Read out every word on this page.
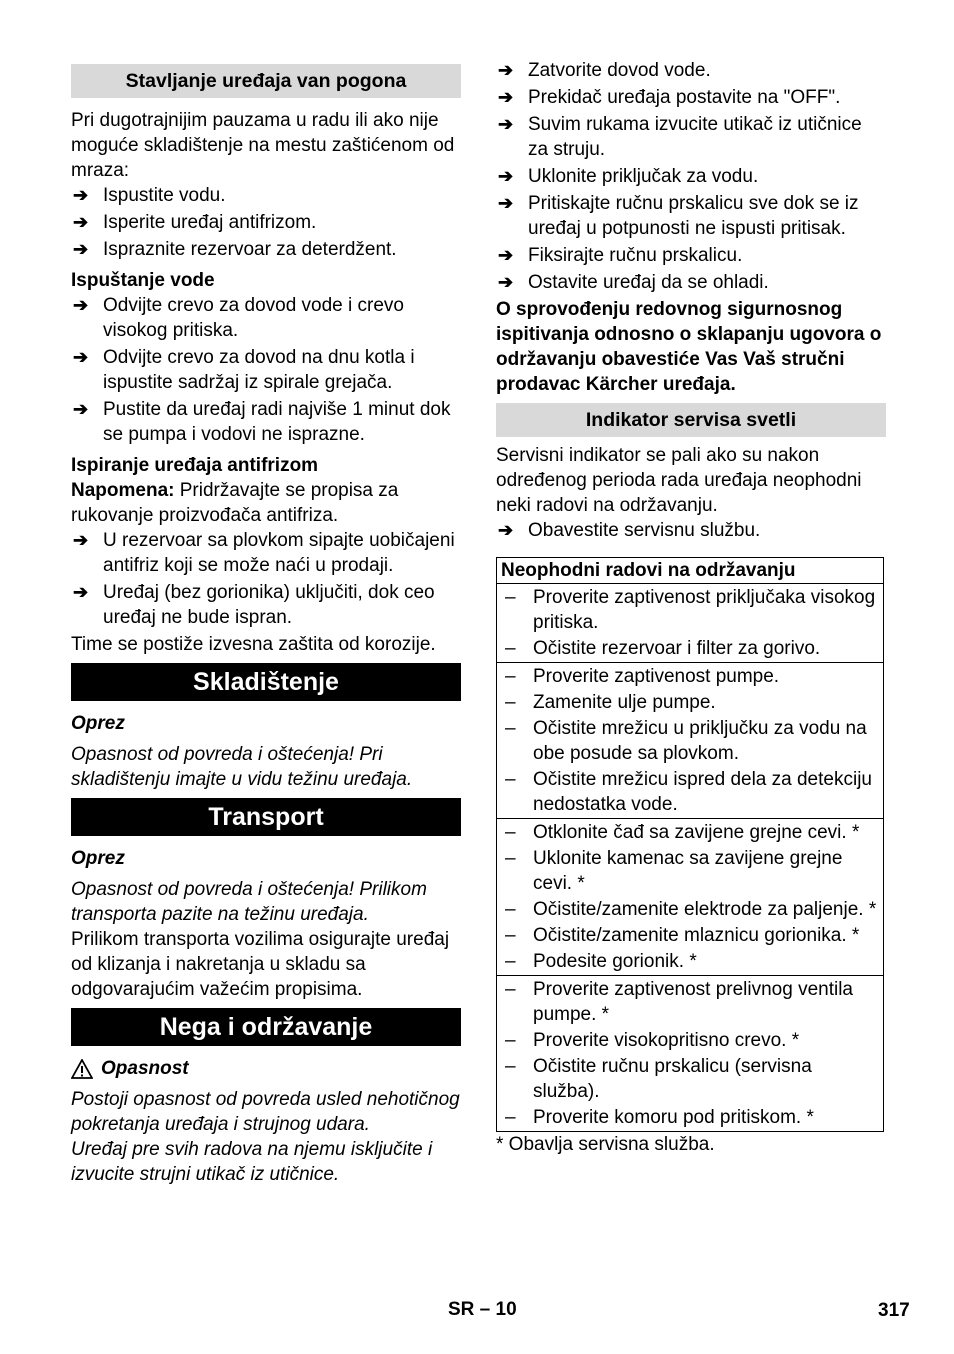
Stavljanje uređaja van pogona

Pri dugotrajnijim pauzama u radu ili ako nije moguće skladištenje na mestu zaštićenom od mraza:

➔ Ispustite vodu.
➔ Isperite uređaj antifrizom.
➔ Ispraznite rezervoar za deterdžent.

Ispuštanje vode

➔ Odvijte crevo za dovod vode i crevo visokog pritiska.
➔ Odvijte crevo za dovod na dnu kotla i ispustite sadržaj iz spirale grejača.
➔ Pustite da uređaj radi najviše 1 minut dok se pumpa i vodovi ne isprazne.

Ispiranje uređaja antifrizom

Napomena: Pridržavajte se propisa za rukovanje proizvođača antifriza.

➔ U rezervoar sa plovkom sipajte uobičajeni antifriz koji se može naći u prodaji.
➔ Uređaj (bez gorionika) uključiti, dok ceo uređaj ne bude ispran.

Time se postiže izvesna zaštita od korozije.

Skladištenje

Oprez

Opasnost od povreda i oštećenja! Pri skladištenju imajte u vidu težinu uređaja.

Transport

Oprez

Opasnost od povreda i oštećenja! Prilikom transporta pazite na težinu uređaja.

Prilikom transporta vozilima osigurajte uređaj od klizanja i nakretanja u skladu sa odgovarajućim važećim propisima.

Nega i održavanje
Opasnost

Postoji opasnost od povreda usled nehotičnog pokretanja uređaja i strujnog udara.

Uređaj pre svih radova na njemu isključite i izvucite strujni utikač iz utičnice.

➔ Zatvorite dovod vode.
➔ Prekidač uređaja postavite na "OFF".
➔ Suvim rukama izvucite utikač iz utičnice za struju.
➔ Uklonite priključak za vodu.
➔ Pritiskajte ručnu prskalicu sve dok se iz uređaj u potpunosti ne ispusti pritisak.
➔ Fiksirajte ručnu prskalicu.
➔ Ostavite uređaj da se ohladi.

O sprovođenju redovnog sigurnosnog ispitivanja odnosno o sklapanju ugovora o održavanju obavestiće Vas Vaš stručni prodavac Kärcher uređaja.

Indikator servisa svetli

Servisni indikator se pali ako su nakon određenog perioda rada uređaja neophodni neki radovi na održavanju.

➔ Obavestite servisnu službu.
Neophodni radovi na održavanju

– Proverite zaptivenost priključaka visokog pritiska.
– Očistite rezervoar i filter za gorivo.

– Proverite zaptivenost pumpe.
– Zamenite ulje pumpe.
– Očistite mrežicu u priključku za vodu na obe posude sa plovkom.
– Očistite mrežicu ispred dela za detekciju nedostatka vode.

– Otklonite čađ sa zavijene grejne cevi. *
– Uklonite kamenac sa zavijene grejne cevi. *
– Očistite/zamenite elektrode za paljenje. *
– Očistite/zamenite mlaznicu gorionika. *
– Podesite gorionik. *

– Proverite zaptivenost prelivnog ventila pumpe. *
– Proverite visokopritisno crevo. *
– Očistite ručnu prskalicu (servisna služba).
– Proverite komoru pod pritiskom. *

* Obavlja servisna služba.

SR – 10	317
